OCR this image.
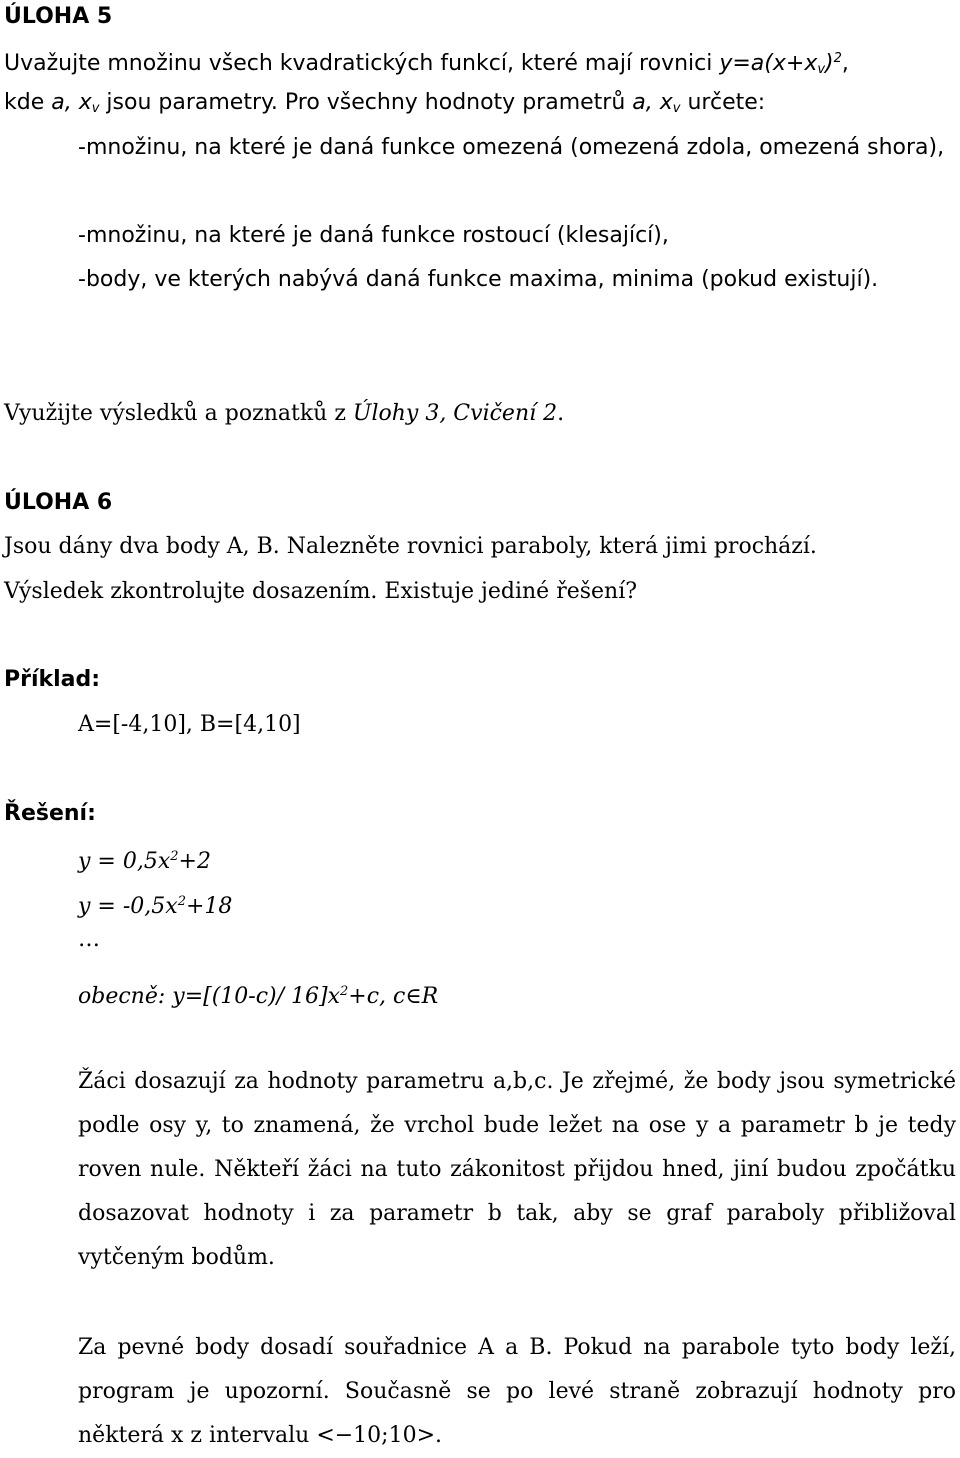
ÚLOHA 5
Uvažujte množinu všech kvadratických funkcí, které mají rovnici $y=a(x+x_v)^2$,
kde a, $x_v$ jsou parametry. Pro všechny hodnoty prametrů a, $x_v$ určete:
-množinu, na které je daná funkce omezená (omezená zdola, omezená shora),
-množinu, na které je daná funkce rostoucí (klesající),
-body, ve kterých nabývá daná funkce maxima, minima (pokud existují).
Využijte výsledků a poznatků z Úlohy 3, Cvičení 2.
ÚLOHA 6
Jsou dány dva body A, B. Nalezněte rovnici paraboly, která jimi prochází.
Výsledek zkontrolujte dosazením. Existuje jediné řešení?
Příklad:
A=[-4,10], B=[4,10]
Řešení:
$y = 0,5x^2+2$
$y = -0,5x^2+18$
…
obecně: y=[(10-c)/ $16]x^2+c$, c∈R
Žáci dosazují za hodnoty parametru a,b,c. Je zřejmé, že body jsou symetrické podle osy y, to znamená, že vrchol bude ležet na ose y a parametr b je tedy roven nule. Někteří žáci na tuto zákonitost přijdou hned, jiní budou zpočátku dosazovat hodnoty i za parametr b tak, aby se graf paraboly přibližoval vytčeným bodům.
Za pevné body dosadí souřadnice A a B. Pokud na parabole tyto body leží, program je upozorní. Současně se po levé straně zobrazují hodnoty pro některá x z intervalu <−10;10>.
